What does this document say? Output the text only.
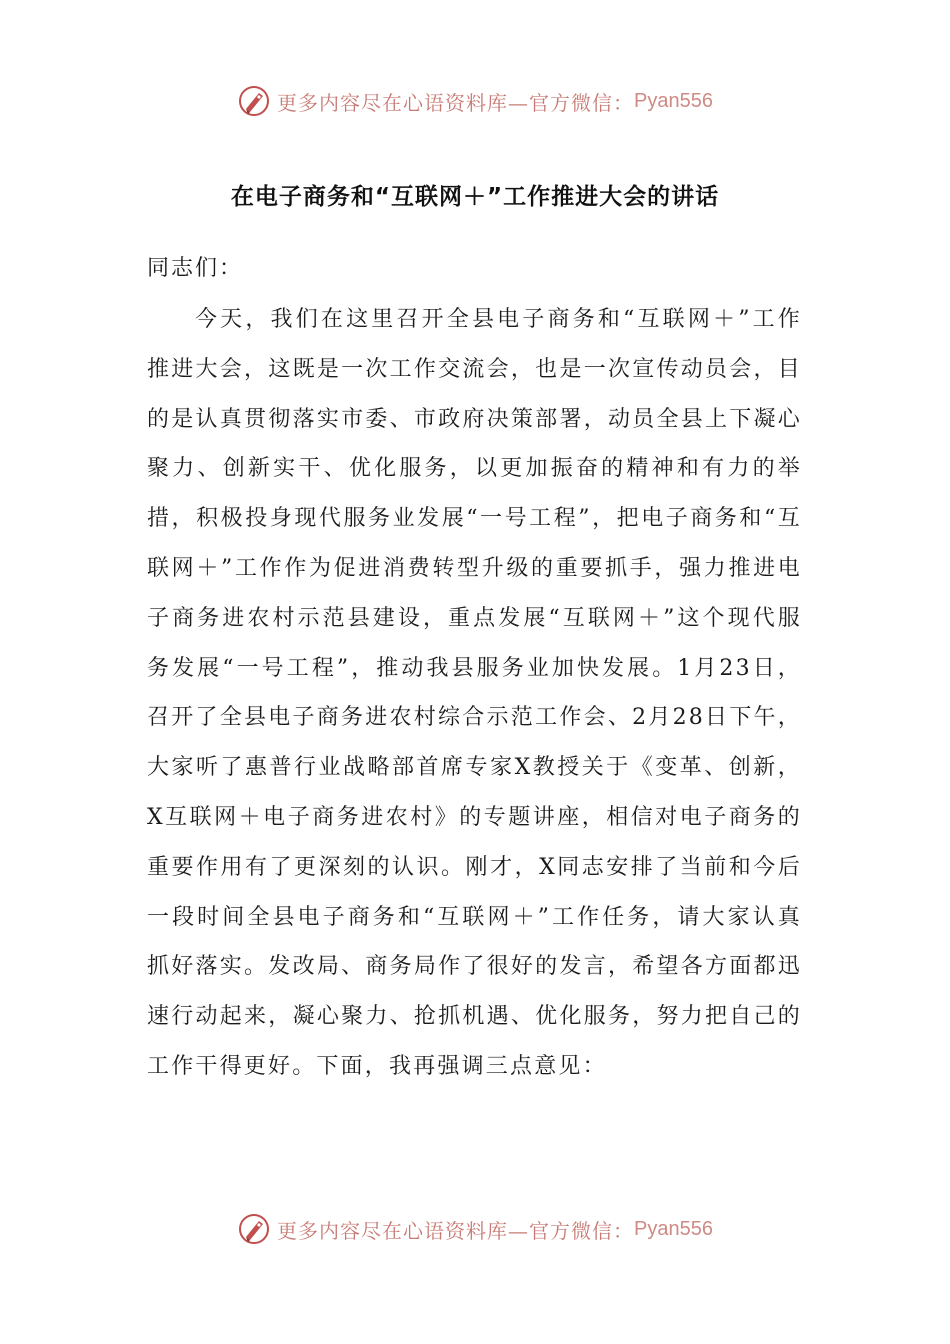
更多内容尽在心语资料库—官方微信： Pyan556
在电子商务和“互联网＋”工作推进大会的讲话
同志们：

今天，我们在这里召开全县电子商务和“互联网＋”工作推进大会，这既是一次工作交流会，也是一次宣传动员会，目的是认真贯彻落实市委、市政府决策部署，动员全县上下凝心聚力、创新实干、优化服务，以更加振奋的精神和有力的举措，积极投身现代服务业发展“一号工程”，把电子商务和“互联网＋”工作作为促进消费转型升级的重要抓手，强力推进电子商务进农村示范县建设，重点发展“互联网＋”这个现代服务发展“一号工程”，推动我县服务业加快发展。1月23日，召开了全县电子商务进农村综合示范工作会、2月28日下午，大家听了惠普行业战略部首席专家X教授关于《变革、创新，X互联网＋电子商务进农村》的专题讲座，相信对电子商务的重要作用有了更深刻的认识。刚才，X同志安排了当前和今后一段时间全县电子商务和“互联网＋”工作任务，请大家认真抓好落实。发改局、商务局作了很好的发言，希望各方面都迅速行动起来，凝心聚力、抢抓机遇、优化服务，努力把自己的工作干得更好。下面，我再强调三点意见：

更多内容尽在心语资料库—官方微信： Pyan556
